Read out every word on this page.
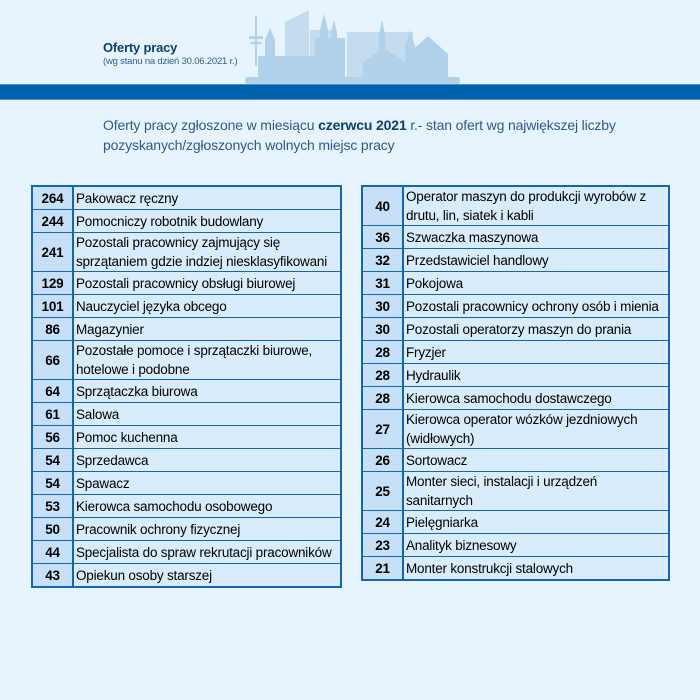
Oferty pracy
(wg stanu na dzień 30.06.2021 r.)
Oferty pracy zgłoszone w miesiącu czerwcu 2021 r.- stan ofert wg największej liczby pozyskanych/zgłoszonych wolnych miejsc pracy
264	Pakowacz ręczny
244	Pomocniczy robotnik budowlany
241	Pozostali pracownicy zajmujący się sprzątaniem gdzie indziej niesklasyfikowani
129	Pozostali pracownicy obsługi biurowej
101	Nauczyciel języka obcego
86	Magazynier
66	Pozostałe pomoce i sprzątaczki biurowe, hotelowe i podobne
64	Sprzątaczka biurowa
61	Salowa
56	Pomoc kuchenna
54	Sprzedawca
54	Spawacz
53	Kierowca samochodu osobowego
50	Pracownik ochrony fizycznej
44	Specjalista do spraw rekrutacji pracowników
43	Opiekun osoby starszej
40	Operator maszyn do produkcji wyrobów z drutu, lin, siatek i kabli
36	Szwaczka maszynowa
32	Przedstawiciel handlowy
31	Pokojowa
30	Pozostali pracownicy ochrony osób i mienia
30	Pozostali operatorzy maszyn do prania
28	Fryzjer
28	Hydraulik
28	Kierowca samochodu dostawczego
27	Kierowca operator wózków jezdniowych (widłowych)
26	Sortowacz
25	Monter sieci, instalacji i urządzeń sanitarnych
24	Pielęgniarka
23	Analityk biznesowy
21	Monter konstrukcji stalowych
